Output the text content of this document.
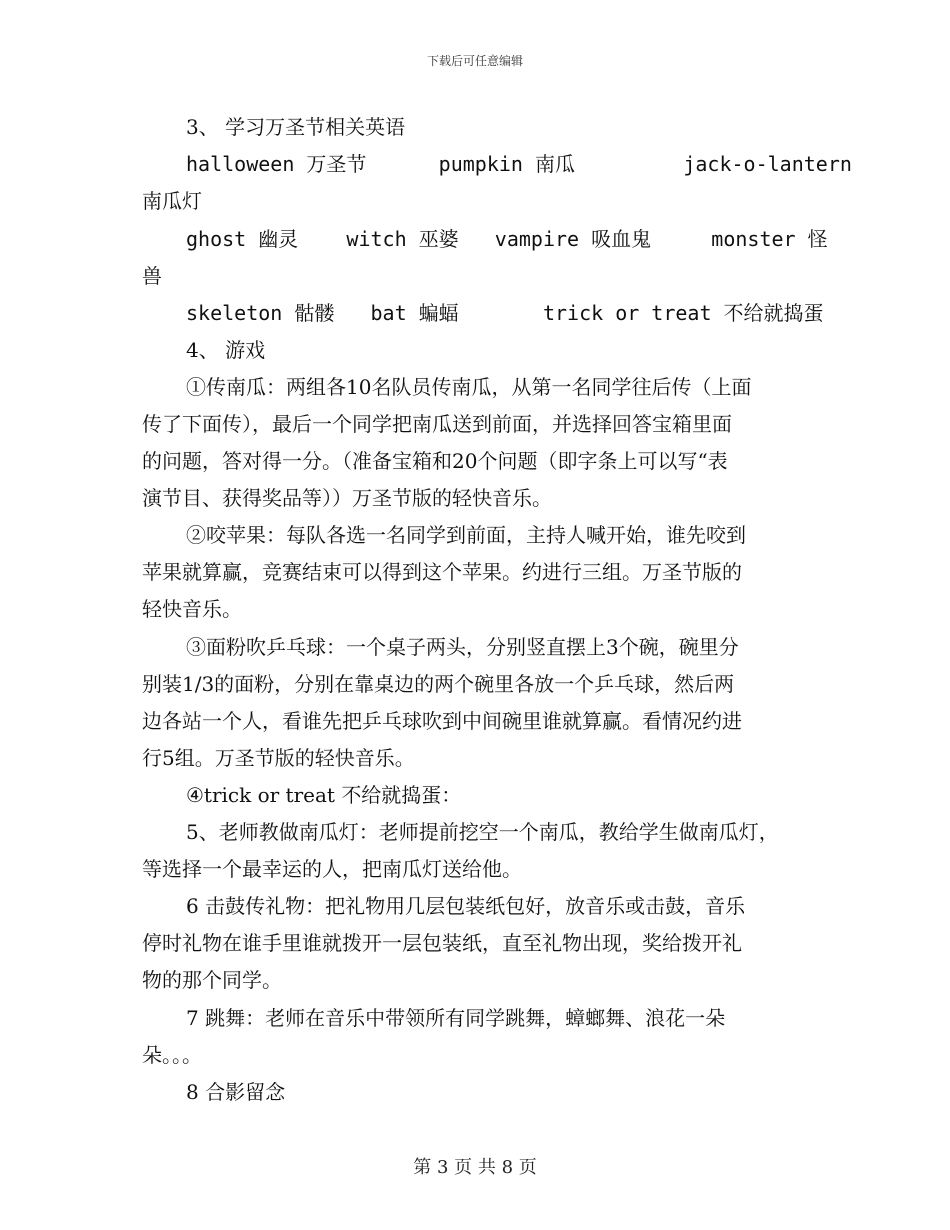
下载后可任意编辑
3、 学习万圣节相关英语
halloween 万圣节      pumpkin 南瓜         jack-o-lantern
南瓜灯
ghost 幽灵    witch 巫婆   vampire 吸血鬼     monster 怪
兽
skeleton 骷髅   bat 蝙蝠       trick or treat 不给就捣蛋
4、 游戏
①传南瓜：两组各10名队员传南瓜，从第一名同学往后传（上面
传了下面传），最后一个同学把南瓜送到前面，并选择回答宝箱里面
的问题，答对得一分。（准备宝箱和20个问题（即字条上可以写“表
演节目、获得奖品等））万圣节版的轻快音乐。
②咬苹果：每队各选一名同学到前面，主持人喊开始，谁先咬到
苹果就算赢，竞赛结束可以得到这个苹果。约进行三组。万圣节版的
轻快音乐。
③面粉吹乒乓球：一个桌子两头，分别竖直摆上3个碗，碗里分
别装1/3的面粉，分别在靠桌边的两个碗里各放一个乒乓球，然后两
边各站一个人，看谁先把乒乓球吹到中间碗里谁就算赢。看情况约进
行5组。万圣节版的轻快音乐。
④trick or treat 不给就捣蛋：
5、老师教做南瓜灯：老师提前挖空一个南瓜，教给学生做南瓜灯，
等选择一个最幸运的人，把南瓜灯送给他。
6 击鼓传礼物：把礼物用几层包装纸包好，放音乐或击鼓，音乐
停时礼物在谁手里谁就拨开一层包装纸，直至礼物出现，奖给拨开礼
物的那个同学。
7 跳舞：老师在音乐中带领所有同学跳舞，蟑螂舞、浪花一朵
朵。。。
8 合影留念
第 3 页 共 8 页
